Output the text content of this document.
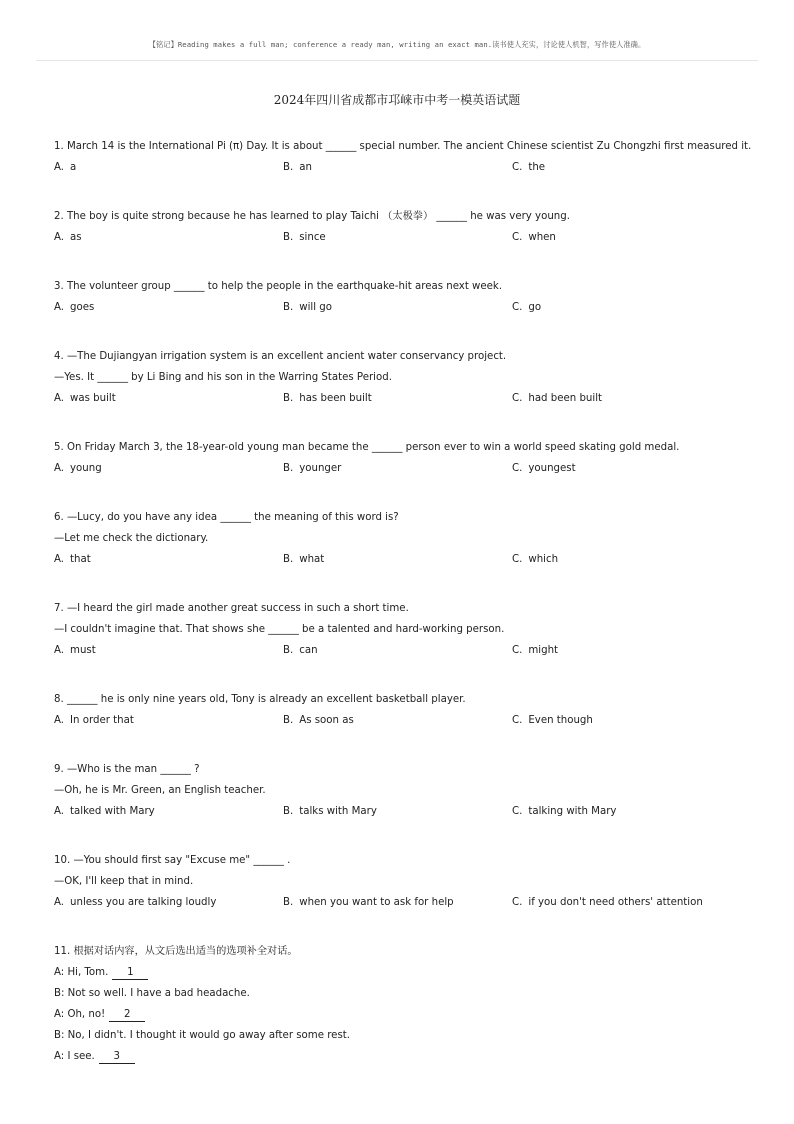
【铭记】Reading makes a full man; conference a ready man, writing an exact man.读书使人充实，讨论使人机智，写作使人准确。
2024年四川省成都市邛崃市中考一模英语试题
1. March 14 is the International Pi (π) Day. It is about ______ special number. The ancient Chinese scientist Zu Chongzhi first measured it.
A. a	B. an	C. the
2. The boy is quite strong because he has learned to play Taichi （太极拳） ______ he was very young.
A. as	B. since	C. when
3. The volunteer group ______ to help the people in the earthquake-hit areas next week.
A. goes	B. will go	C. go
4. —The Dujiangyan irrigation system is an excellent ancient water conservancy project.
—Yes. It ______ by Li Bing and his son in the Warring States Period.
A. was built	B. has been built	C. had been built
5. On Friday March 3, the 18-year-old young man became the ______ person ever to win a world speed skating gold medal.
A. young	B. younger	C. youngest
6. —Lucy, do you have any idea ______ the meaning of this word is?
—Let me check the dictionary.
A. that	B. what	C. which
7. —I heard the girl made another great success in such a short time.
—I couldn't imagine that. That shows she ______ be a talented and hard-working person.
A. must	B. can	C. might
8. ______ he is only nine years old, Tony is already an excellent basketball player.
A. In order that	B. As soon as	C. Even though
9. —Who is the man ______ ?
—Oh, he is Mr. Green, an English teacher.
A. talked with Mary	B. talks with Mary	C. talking with Mary
10. —You should first say "Excuse me" ______ .
—OK, I'll keep that in mind.
A. unless you are talking loudly	B. when you want to ask for help	C. if you don't need others' attention
11. 根据对话内容，从文后选出适当的选项补全对话。
A: Hi, Tom. 1
B: Not so well. I have a bad headache.
A: Oh, no! 2
B: No, I didn't. I thought it would go away after some rest.
A: I see. 3
